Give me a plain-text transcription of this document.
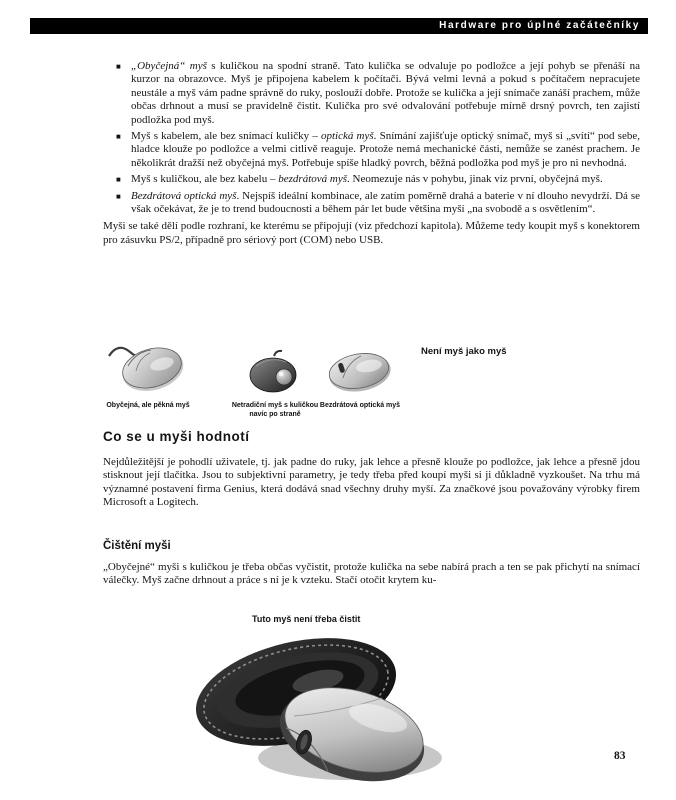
Hardware pro úplné začátečníky
■ „Obyčejná“ myš s kuličkou na spodní straně. Tato kulička se odvaluje po podložce a její pohyb se přenáší na kurzor na obrazovce. Myš je připojena kabelem k počítači. Bývá velmi levná a pokud s počítačem nepracujete neustále a myš vám padne správně do ruky, poslouží dobře. Protože se kulička a její snímače zanáší prachem, může občas drhnout a musí se pravidelně čistit. Kulička pro své odvalování potřebuje mírně drsný povrch, ten zajistí podložka pod myš.
■ Myš s kabelem, ale bez snímací kuličky – optická myš. Snímání zajišťuje optický snímač, myš si „svítí“ pod sebe, hladce klouže po podložce a velmi citlivě reaguje. Protože nemá mechanické části, nemůže se zanést prachem. Je několikrát dražší než obyčejná myš. Potřebuje spíše hladký povrch, běžná podložka pod myš je pro ni nevhodná.
■ Myš s kuličkou, ale bez kabelu – bezdrátová myš. Neomezuje nás v pohybu, jinak viz první, obyčejná myš.
■ Bezdrátová optická myš. Nejspíš ideální kombinace, ale zatím poměrně drahá a baterie v ní dlouho nevydrží. Dá se však očekávat, že je to trend budoucnosti a během pár let bude většina myší „na svobodě a s osvětlením“.

Myši se také dělí podle rozhraní, ke kterému se připojují (viz předchozí kapitola). Můžeme tedy koupit myš s konektorem pro zásuvku PS/2, případně pro sériový port (COM) nebo USB.

Obyčejná, ale pěkná myš	Netradiční myš s kuličkou navíc po straně
Bezdrátová optická myš
Není myš jako myš
Co se u myši hodnotí

Nejdůležitější je pohodlí uživatele, tj. jak padne do ruky, jak lehce a přesně klouže po podložce, jak lehce a přesně jdou stisknout její tlačítka. Jsou to subjektivní parametry, je tedy třeba před koupí myši si ji důkladně vyzkoušet. Na trhu má významné postavení firma Genius, která dodává snad všechny druhy myší. Za značkové jsou považovány výrobky firem Microsoft a Logitech.

Čištění myši

„Obyčejné“ myši s kuličkou je třeba občas vyčistit, protože kulička na sebe nabírá prach a ten se pak přichytí na snímací válečky. Myš začne drhnout a práce s ní je k vzteku. Stačí otočit krytem ku-

Tuto myš není třeba čistit
83
